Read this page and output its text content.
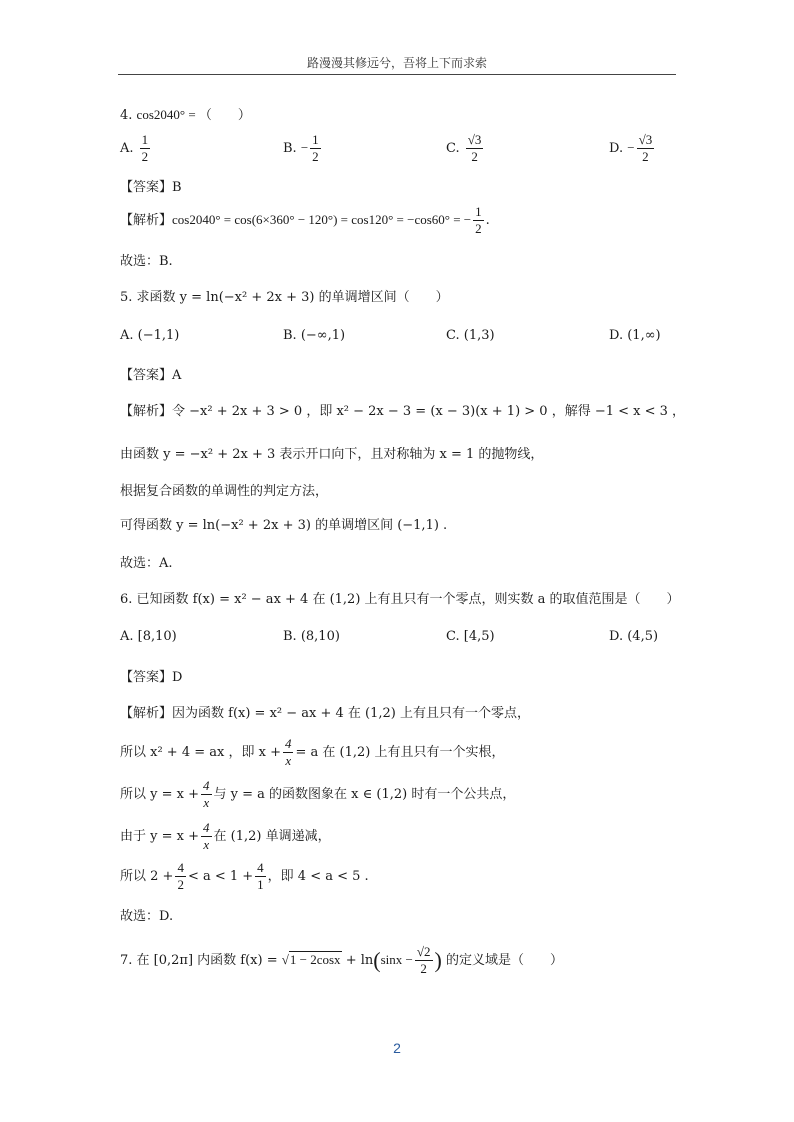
路漫漫其修远兮，吾将上下而求索
4. cos2040° = （　　）
A. $\frac{1}{2}$	B. − $\frac{1}{2}$	C. $\frac{√3}{2}$	D. − $\frac{√3}{2}$
【答案】B
【解析】cos2040° = cos(6×360° − 120°) = cos120° = −cos60° = − $\frac{1}{2}$ .
故选：B.
5. 求函数 y = ln(−x² + 2x + 3) 的单调增区间（　　）
A. (−1,1)	B. (−∞,1)	C. (1,3)	D. (1,∞)
【答案】A
【解析】令 −x² + 2x + 3 > 0 ，即 x² − 2x − 3 = (x − 3)(x + 1) > 0 ，解得 −1 < x < 3 ，
由函数 y = −x² + 2x + 3 表示开口向下，且对称轴为 x = 1 的抛物线，
根据复合函数的单调性的判定方法，
可得函数 y = ln(−x² + 2x + 3) 的单调增区间 (−1,1) .
故选：A.
6. 已知函数 f(x) = x² − ax + 4 在 (1,2) 上有且只有一个零点，则实数 a 的取值范围是（　　）
A. [8,10)	B. (8,10)	C. [4,5)	D. (4,5)
【答案】D
【解析】因为函数 f(x) = x² − ax + 4 在 (1,2) 上有且只有一个零点，
所以 x² + 4 = ax ，即 $x + \frac{4}{x} = a$ 在 (1,2) 上有且只有一个实根，
所以 $y = x + \frac{4}{x}$ 与 y = a 的函数图象在 x ∈ (1,2) 时有一个公共点，
由于 $y = x + \frac{4}{x}$ 在 (1,2) 单调递减，
所以 $2 + \frac{4}{2} < a < 1 + \frac{4}{1}$ ，即 4 < a < 5 .
故选：D.
7. 在 [0,2π] 内函数 $f(x) = √1 - 2\cos x + \ln(\sin x - \frac{√2}{2}$ ) 的定义域是（　　）
2
